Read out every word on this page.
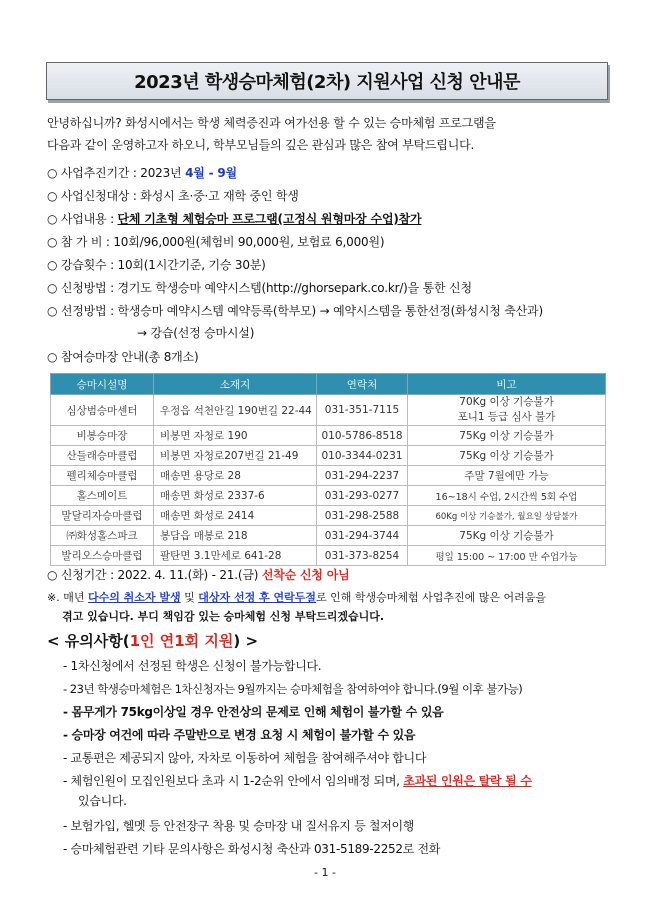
2023년 학생승마체험(2차) 지원사업 신청 안내문
안녕하십니까? 화성시에서는 학생 체력증진과 여가선용 할 수 있는 승마체험 프로그램을
다음과 같이 운영하고자 하오니, 학부모님들의 깊은 관심과 많은 참여 부탁드립니다.
○ 사업추진기간 : 2023년 4월 - 9월
○ 사업신청대상 : 화성시 초·중·고 재학 중인 학생
○ 사업내용 : 단체 기초형 체험승마 프로그램(고정식 원형마장 수업)참가
○ 참 가 비 : 10회/96,000원(체험비 90,000원, 보험료 6,000원)
○ 강습횟수 : 10회(1시간기준, 기승 30분)
○ 신청방법 : 경기도 학생승마 예약시스템(http://ghorsepark.co.kr/)을 통한 신청
○ 선정방법 : 학생승마 예약시스템 예약등록(학부모) → 예약시스템을 통한선정(화성시청 축산과)
→ 강습(선정 승마시설)
○ 참여승마장 안내(총 8개소)
승마시설명	소재지	연락처	비고
심상범승마센터	우정읍 석천안길 190번길 22-44	031-351-7115	70Kg 이상 기승불가
포니1 등급 심사 불가

비봉승마장	비봉면 자청로 190	010-5786-8518	75Kg 이상 기승불가
산들래승마클럽	비봉면 자청로207번길 21-49	010-3344-0231	75Kg 이상 기승불가
펠리체승마클럽	매송면 용당로 28	031-294-2237	주말 7월에만 가능
홀스메이트	매송면 화성로 2337-6	031-293-0277	16~18시 수업, 2시간씩 5회 수업
말달리자승마클럽	매송면 화성로 2414	031-298-2588	60Kg 이상 기승불가, 월요일 상담불가
㈜화성홀스파크	봉담읍 매봉로 218	031-294-3744	75Kg 이상 기승불가
발리오스승마클럽	팔탄면 3.1만세로 641-28	031-373-8254	평일 15:00 ~ 17:00 만 수업가능
○ 신청기간 : 2022. 4. 11.(화) - 21.(금) 선착순 신청 아님
※. 매년 다수의 취소자 발생 및 대상자 선정 후 연락두절로 인해 학생승마체험 사업추진에 많은 어려움을
겪고 있습니다. 부디 책임감 있는 승마체험 신청 부탁드리겠습니다.
< 유의사항(1인 연1회 지원) >
- 1차신청에서 선정된 학생은 신청이 불가능합니다.
- 23년 학생승마체험은 1차신청자는 9월까지는 승마체험을 참여하여야 합니다.(9월 이후 불가능)
- 몸무게가 75kg이상일 경우 안전상의 문제로 인해 체험이 불가할 수 있음
- 승마장 여건에 따라 주말반으로 변경 요청 시 체험이 불가할 수 있음
- 교통편은 제공되지 않아, 자차로 이동하여 체험을 참여해주셔야 합니다
- 체험인원이 모집인원보다 초과 시 1-2순위 안에서 임의배정 되며, 초과된 인원은 탈락 될 수
있습니다.
- 보험가입, 헬멧 등 안전장구 착용 및 승마장 내 질서유지 등 철저이행
- 승마체험관련 기타 문의사항은 화성시청 축산과 031-5189-2252로 전화
- 1 -
